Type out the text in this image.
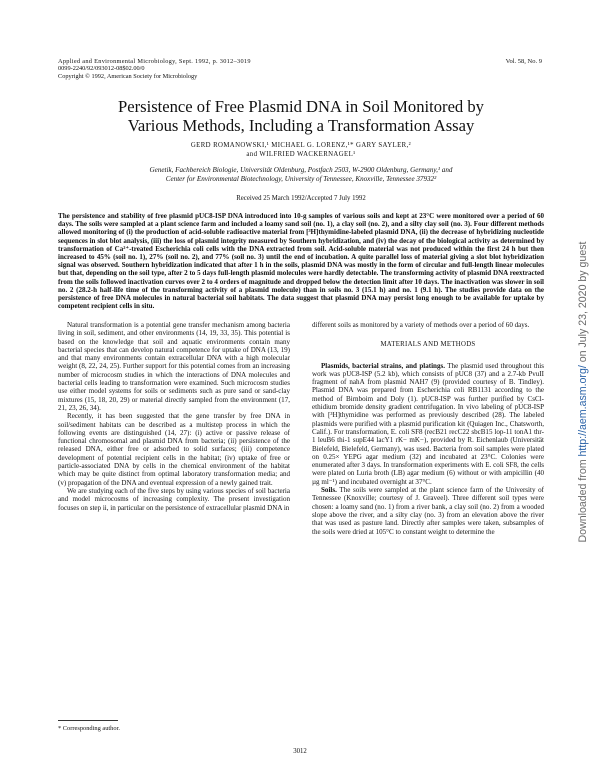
Applied and Environmental Microbiology, Sept. 1992, p. 3012–3019
0099-2240/92/093012-08$02.00/0
Copyright © 1992, American Society for Microbiology
Vol. 58, No. 9
Persistence of Free Plasmid DNA in Soil Monitored by
Various Methods, Including a Transformation Assay
GERD ROMANOWSKI,¹ MICHAEL G. LORENZ,¹* GARY SAYLER,²
and WILFRIED WACKERNAGEL¹
Genetik, Fachbereich Biologie, Universität Oldenburg, Postfach 2503, W-2900 Oldenburg, Germany,¹ and
Center for Environmental Biotechnology, University of Tennessee, Knoxville, Tennessee 37932²
Received 25 March 1992/Accepted 7 July 1992

The persistence and stability of free plasmid pUC8-ISP DNA introduced into 10-g samples of various soils and kept at 23°C were monitored over a period of 60 days. The soils were sampled at a plant science farm and included a loamy sand soil (no. 1), a clay soil (no. 2), and a silty clay soil (no. 3). Four different methods allowed monitoring of (i) the production of acid-soluble radioactive material from [³H]thymidine-labeled plasmid DNA, (ii) the decrease of hybridizing nucleotide sequences in slot blot analysis, (iii) the loss of plasmid integrity measured by Southern hybridization, and (iv) the decay of the biological activity as determined by transformation of Ca²⁺-treated Escherichia coli cells with the DNA extracted from soil. Acid-soluble material was not produced within the first 24 h but then increased to 45% (soil no. 1), 27% (soil no. 2), and 77% (soil no. 3) until the end of incubation. A quite parallel loss of material giving a slot blot hybridization signal was observed. Southern hybridization indicated that after 1 h in the soils, plasmid DNA was mostly in the form of circular and full-length linear molecules but that, depending on the soil type, after 2 to 5 days full-length plasmid molecules were hardly detectable. The transforming activity of plasmid DNA reextracted from the soils followed inactivation curves over 2 to 4 orders of magnitude and dropped below the detection limit after 10 days. The inactivation was slower in soil no. 2 (28.2-h half-life time of the transforming activity of a plasmid molecule) than in soils no. 3 (15.1 h) and no. 1 (9.1 h). The studies provide data on the persistence of free DNA molecules in natural bacterial soil habitats. The data suggest that plasmid DNA may persist long enough to be available for uptake by competent recipient cells in situ.

Natural transformation is a potential gene transfer mechanism among bacteria living in soil, sediment, and other environments (14, 19, 33, 35). This potential is based on the knowledge that soil and aquatic environments contain many bacterial species that can develop natural competence for uptake of DNA (13, 19) and that many environments contain extracellular DNA with a high molecular weight (8, 22, 24, 25). Further support for this potential comes from an increasing number of microcosm studies in which the interactions of DNA molecules and bacterial cells leading to transformation were examined. Such microcosm studies use either model systems for soils or sediments such as pure sand or sand-clay mixtures (15, 18, 20, 29) or material directly sampled from the environment (17, 21, 23, 26, 34).

Recently, it has been suggested that the gene transfer by free DNA in soil/sediment habitats can be described as a multistep process in which the following events are distinguished (14, 27): (i) active or passive release of functional chromosomal and plasmid DNA from bacteria; (ii) persistence of the released DNA, either free or adsorbed to solid surfaces; (iii) competence development of potential recipient cells in the habitat; (iv) uptake of free or particle-associated DNA by cells in the chemical environment of the habitat which may be quite distinct from optimal laboratory transformation media; and (v) propagation of the DNA and eventual expression of a newly gained trait.

We are studying each of the five steps by using various species of soil bacteria and model microcosms of increasing complexity. The present investigation focuses on step ii, in particular on the persistence of extracellular plasmid DNA in

different soils as monitored by a variety of methods over a period of 60 days.

MATERIALS AND METHODS

Plasmids, bacterial strains, and platings. The plasmid used throughout this work was pUC8-ISP (5.2 kb), which consists of pUC8 (37) and a 2.7-kb PvuII fragment of nahA from plasmid NAH7 (9) (provided courtesy of B. Tindley). Plasmid DNA was prepared from Escherichia coli RB1131 according to the method of Birnboim and Doly (1). pUC8-ISP was further purified by CsCl-ethidium bromide density gradient centrifugation. In vivo labeling of pUC8-ISP with [³H]thymidine was performed as previously described (28). The labeled plasmids were purified with a plasmid purification kit (Quiagen Inc., Chatsworth, Calif.). For transformation, E. coli SF8 (recB21 recC22 sbcB15 lop-11 tonA1 thr-1 leuB6 thi-1 supE44 lacY1 rK− mK−), provided by R. Eichenlaub (Universität Bielefeld, Bielefeld, Germany), was used. Bacteria from soil samples were plated on 0.25× YEPG agar medium (32) and incubated at 23°C. Colonies were enumerated after 3 days. In transformation experiments with E. coli SF8, the cells were plated on Luria broth (LB) agar medium (6) without or with ampicillin (40 µg ml⁻¹) and incubated overnight at 37°C.

Soils. The soils were sampled at the plant science farm of the University of Tennessee (Knoxville; courtesy of J. Graveel). Three different soil types were chosen: a loamy sand (no. 1) from a river bank, a clay soil (no. 2) from a wooded slope above the river, and a silty clay (no. 3) from an elevation above the river that was used as pasture land. Directly after samples were taken, subsamples of the soils were dried at 105°C to constant weight to determine the

* Corresponding author.
3012
Downloaded from http://aem.asm.org/ on July 23, 2020 by guest
